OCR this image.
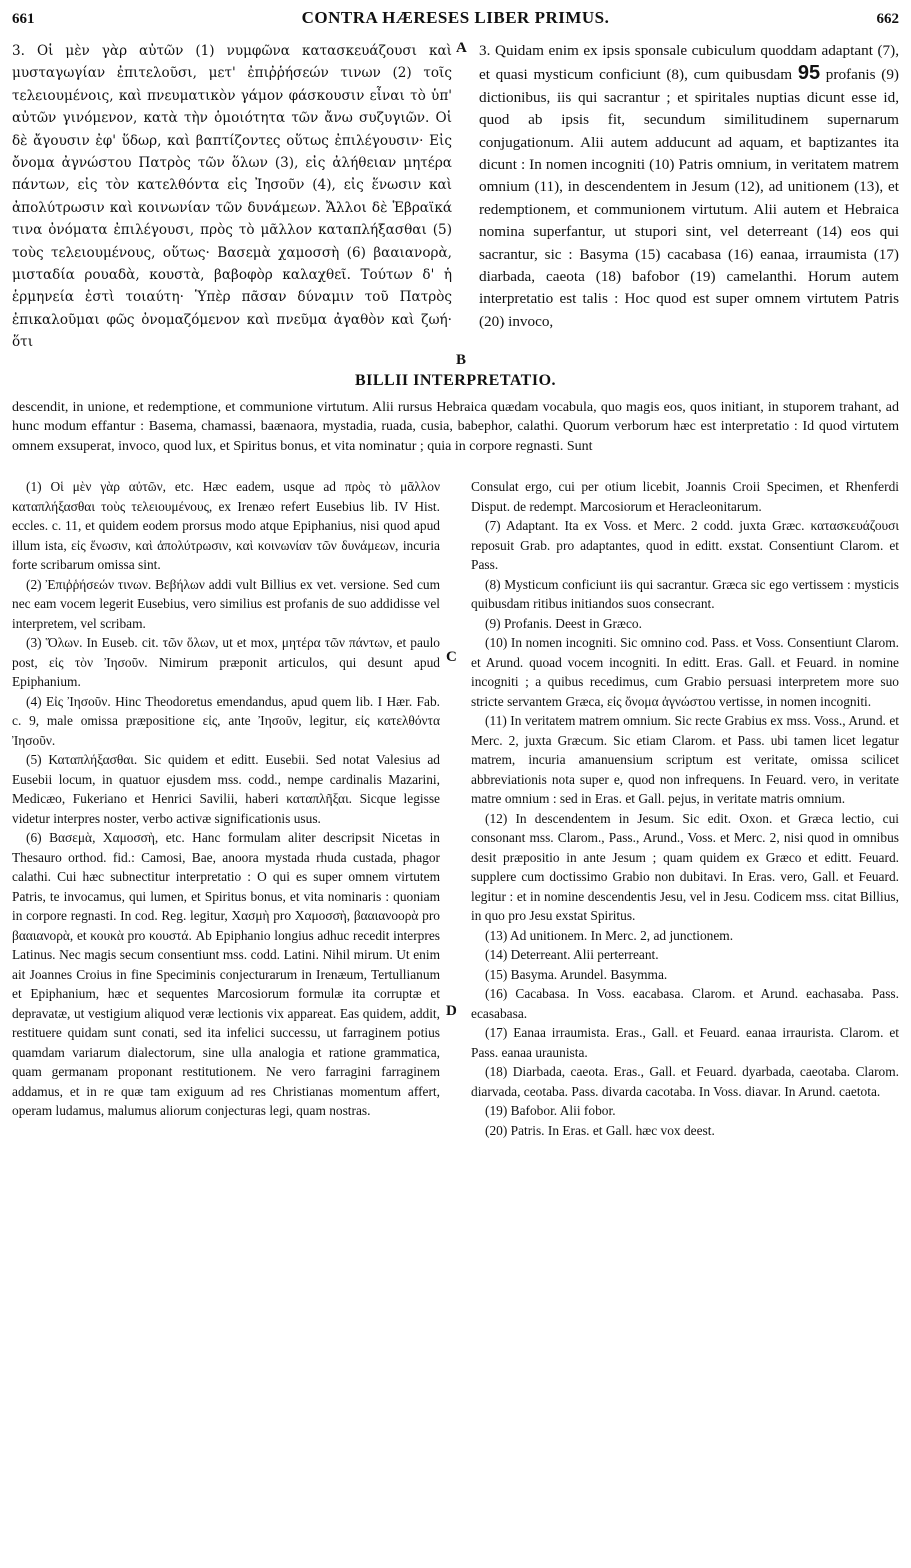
661	CONTRA HÆRESES LIBER PRIMUS.	662

3. Οἱ μὲν γὰρ αὐτῶν (1) νυμφῶνα κατασκευάζουσι καὶ μυσταγωγίαν ἐπιτελοῦσι, μετ' ἐπιῤῥήσεών τινων (2) τοῖς τελειουμένοις, καὶ πνευματικὸν γάμον φάσκουσιν εἶναι τὸ ὑπ' αὐτῶν γινόμενον, κατὰ τὴν ὁμοιότητα τῶν ἄνω συζυγιῶν. Οἱ δὲ ἄγουσιν ἐφ' ὕδωρ, καὶ βαπτίζοντες οὕτως ἐπιλέγουσιν· Εἰς ὄνομα ἀγνώστου Πατρὸς τῶν ὅλων (3), εἰς ἀλήθειαν μητέρα πάντων, εἰς τὸν κατελθόντα εἰς Ἰησοῦν (4), εἰς ἕνωσιν καὶ ἀπολύτρωσιν καὶ κοινωνίαν τῶν δυνάμεων. Ἄλλοι δὲ Ἑβραϊκά τινα ὀνόματα ἐπιλέγουσι, πρὸς τὸ μᾶλλον καταπλήξασθαι (5) τοὺς τελειουμένους, οὕτως· Βασεμὰ χαμοσσὴ (6) βααιανορὰ, μισταδία ρουαδὰ, κουστὰ, βαβοφὸρ καλαχθεῖ. Τούτων δ' ἡ ἑρμηνεία ἐστὶ τοιαύτη· Ὑπὲρ πᾶσαν δύναμιν τοῦ Πατρὸς ἐπικαλοῦμαι φῶς ὀνομαζόμενον καὶ πνεῦμα ἀγαθὸν καὶ ζωή· ὅτι

A
B

3. Quidam enim ex ipsis sponsale cubiculum quoddam adaptant (7), et quasi mysticum conficiunt (8), cum quibusdam 95 profanis (9) dictionibus, iis qui sacrantur ; et spiritales nuptias dicunt esse id, quod ab ipsis fit, secundum similitudinem supernarum conjugationum. Alii autem adducunt ad aquam, et baptizantes ita dicunt : In nomen incogniti (10) Patris omnium, in veritatem matrem omnium (11), in descendentem in Jesum (12), ad unitionem (13), et redemptionem, et communionem virtutum. Alii autem et Hebraica nomina superfantur, ut stupori sint, vel deterreant (14) eos qui sacrantur, sic : Basyma (15) cacabasa (16) eanaa, irraumista (17) diarbada, caeota (18) bafobor (19) camelanthi. Horum autem interpretatio est talis : Hoc quod est super omnem virtutem Patris (20) invoco,

BILLII INTERPRETATIO.

descendit, in unione, et redemptione, et communione virtutum. Alii rursus Hebraica quædam vocabula, quo magis eos, quos initiant, in stuporem trahant, ad hunc modum effantur : Basema, chamassi, baænaora, mystadia, ruada, cusia, babephor, calathi. Quorum verborum hæc est interpretatio : Id quod virtutem omnem exsuperat, invoco, quod lux, et Spiritus bonus, et vita nominatur ; quia in corpore regnasti. Sunt

(1) Οἱ μὲν γὰρ αὐτῶν, etc. Hæc eadem, usque ad πρὸς τὸ μᾶλλον καταπλήξασθαι τοὺς τελειουμένους, ex Irenæo refert Eusebius lib. IV Hist. eccles. c. 11, et quidem eodem prorsus modo atque Epiphanius, nisi quod apud illum ista, εἰς ἕνωσιν, καὶ ἀπολύτρωσιν, καὶ κοινωνίαν τῶν δυνάμεων, incuria forte scribarum omissa sint.

(2) Ἐπιῤῥήσεών τινων. Βεβήλων addi vult Billius ex vet. versione. Sed cum nec eam vocem legerit Eusebius, vero similius est profanis de suo addidisse vel interpretem, vel scribam.

(3) Ὅλων. In Euseb. cit. τῶν ὅλων, ut et mox, μητέρα τῶν πάντων, et paulo post, εἰς τὸν Ἰησοῦν. Nimirum præponit articulos, qui desunt apud Epiphanium.

(4) Εἰς Ἰησοῦν. Hinc Theodoretus emendandus, apud quem lib. I Hær. Fab. c. 9, male omissa præpositione εἰς, ante Ἰησοῦν, legitur, εἰς κατελθόντα Ἰησοῦν.

(5) Καταπλήξασθαι. Sic quidem et editt. Eusebii. Sed notat Valesius ad Eusebii locum, in quatuor ejusdem mss. codd., nempe cardinalis Mazarini, Medicæo, Fukeriano et Henrici Savilii, haberi καταπλῆξαι. Sicque legisse videtur interpres noster, verbo activæ significationis usus.

(6) Βασεμὰ, Χαμοσσὴ, etc. Hanc formulam aliter descripsit Nicetas in Thesauro orthod. fid.: Camosi, Bae, anoora mystada rhuda custada, phagor calathi. Cui hæc subnectitur interpretatio : O qui es super omnem virtutem Patris, te invocamus, qui lumen, et Spiritus bonus, et vita nominaris : quoniam in corpore regnasti. In cod. Reg. legitur, Χασμὴ pro Χαμοσσὴ, βααιανοορὰ pro βααιανορὰ, et κουκὰ pro κουστά. Ab Epiphanio longius adhuc recedit interpres Latinus. Nec magis secum consentiunt mss. codd. Latini. Nihil mirum. Ut enim ait Joannes Croius in fine Speciminis conjecturarum in Irenæum, Tertullianum et Epiphanium, hæc et sequentes Marcosiorum formulæ ita corruptæ et depravatæ, ut vestigium aliquod veræ lectionis vix appareat. Eas quidem, addit, restituere quidam sunt conati, sed ita infelici successu, ut farraginem potius quamdam variarum dialectorum, sine ulla analogia et ratione grammatica, quam germanam proponant restitutionem. Ne vero farragini farraginem addamus, et in re quæ tam exiguum ad res Christianas momentum affert, operam ludamus, malumus aliorum conjecturas legi, quam nostras.

C
D

Consulat ergo, cui per otium licebit, Joannis Croii Specimen, et Rhenferdi Disput. de redempt. Marcosiorum et Heracleonitarum.

(7) Adaptant. Ita ex Voss. et Merc. 2 codd. juxta Græc. κατασκευάζουσι reposuit Grab. pro adaptantes, quod in editt. exstat. Consentiunt Clarom. et Pass.

(8) Mysticum conficiunt iis qui sacrantur. Græca sic ego vertissem : mysticis quibusdam ritibus initiandos suos consecrant.

(9) Profanis. Deest in Græco.

(10) In nomen incogniti. Sic omnino cod. Pass. et Voss. Consentiunt Clarom. et Arund. quoad vocem incogniti. In editt. Eras. Gall. et Feuard. in nomine incogniti ; a quibus recedimus, cum Grabio persuasi interpretem more suo stricte servantem Græca, εἰς ὄνομα ἀγνώστου vertisse, in nomen incogniti.

(11) In veritatem matrem omnium. Sic recte Grabius ex mss. Voss., Arund. et Merc. 2, juxta Græcum. Sic etiam Clarom. et Pass. ubi tamen licet legatur matrem, incuria amanuensium scriptum est veritate, omissa scilicet abbreviationis nota super e, quod non infrequens. In Feuard. vero, in veritate matre omnium : sed in Eras. et Gall. pejus, in veritate matris omnium.

(12) In descendentem in Jesum. Sic edit. Oxon. et Græca lectio, cui consonant mss. Clarom., Pass., Arund., Voss. et Merc. 2, nisi quod in omnibus desit præpositio in ante Jesum ; quam quidem ex Græco et editt. Feuard. supplere cum doctissimo Grabio non dubitavi. In Eras. vero, Gall. et Feuard. legitur : et in nomine descendentis Jesu, vel in Jesu. Codicem mss. citat Billius, in quo pro Jesu exstat Spiritus.

(13) Ad unitionem. In Merc. 2, ad junctionem.

(14) Deterreant. Alii perterreant.

(15) Basyma. Arundel. Basymma.

(16) Cacabasa. In Voss. eacabasa. Clarom. et Arund. eachasaba. Pass. ecasabasa.

(17) Eanaa irraumista. Eras., Gall. et Feuard. eanaa irraurista. Clarom. et Pass. eanaa uraunista.

(18) Diarbada, caeota. Eras., Gall. et Feuard. dyarbada, caeotaba. Clarom. diarvada, ceotaba. Pass. divarda cacotaba. In Voss. diavar. In Arund. caetota.

(19) Bafobor. Alii fobor.

(20) Patris. In Eras. et Gall. hæc vox deest.
